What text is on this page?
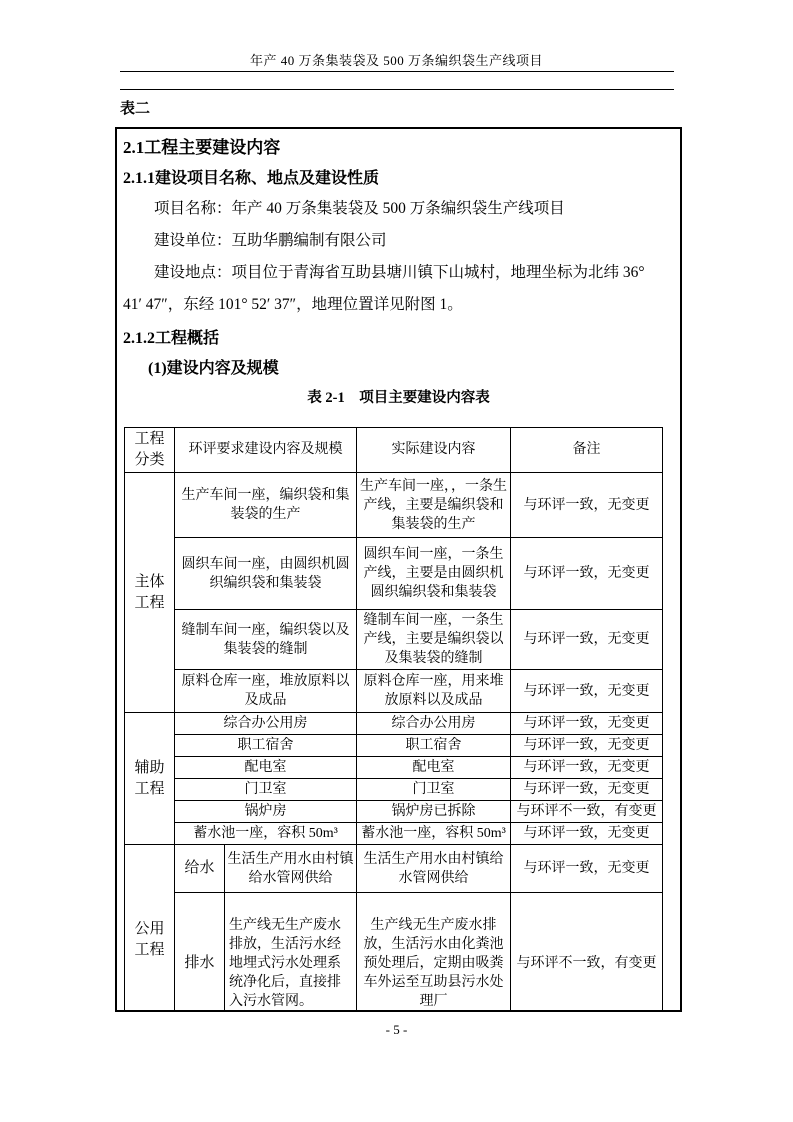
年产 40 万条集装袋及 500 万条编织袋生产线项目
表二
2.1工程主要建设内容
2.1.1建设项目名称、地点及建设性质

项目名称：年产 40 万条集装袋及 500 万条编织袋生产线项目

建设单位：互助华鹏编制有限公司

建设地点：项目位于青海省互助县塘川镇下山城村，地理坐标为北纬 36°

41′ 47″，东经 101° 52′ 37″，地理位置详见附图 1。

2.1.2工程概括
(1)建设内容及规模
表 2-1　项目主要建设内容表
工程分类	环评要求建设内容及规模		实际建设内容	备注
主体工程	生产车间一座，编织袋和集装袋的生产		生产车间一座，，一条生产线，主要是编织袋和集装袋的生产	与环评一致，无变更
	圆织车间一座，由圆织机圆织编织袋和集装袋		圆织车间一座，一条生产线，主要是由圆织机圆织编织袋和集装袋	与环评一致，无变更
	缝制车间一座，编织袋以及集装袋的缝制		缝制车间一座，一条生产线，主要是编织袋以及集装袋的缝制	与环评一致，无变更
	原料仓库一座，堆放原料以及成品		原料仓库一座，用来堆放原料以及成品	与环评一致，无变更
辅助工程	综合办公用房		综合办公用房	与环评一致，无变更
	职工宿舍		职工宿舍	与环评一致，无变更
	配电室		配电室	与环评一致，无变更
	门卫室		门卫室	与环评一致，无变更
	锅炉房		锅炉房已拆除	与环评不一致，有变更
	蓄水池一座，容积 50m³		蓄水池一座，容积 50m³	与环评一致，无变更
公用工程	给水	生活生产用水由村镇给水管网供给	生活生产用水由村镇给水管网供给	与环评一致，无变更
	排水	生产线无生产废水排放，生活污水经地埋式污水处理系统净化后，直接排入污水管网。	生产线无生产废水排放，生活污水由化粪池预处理后，定期由吸粪车外运至互助县污水处理厂	与环评不一致，有变更
- 5 -
